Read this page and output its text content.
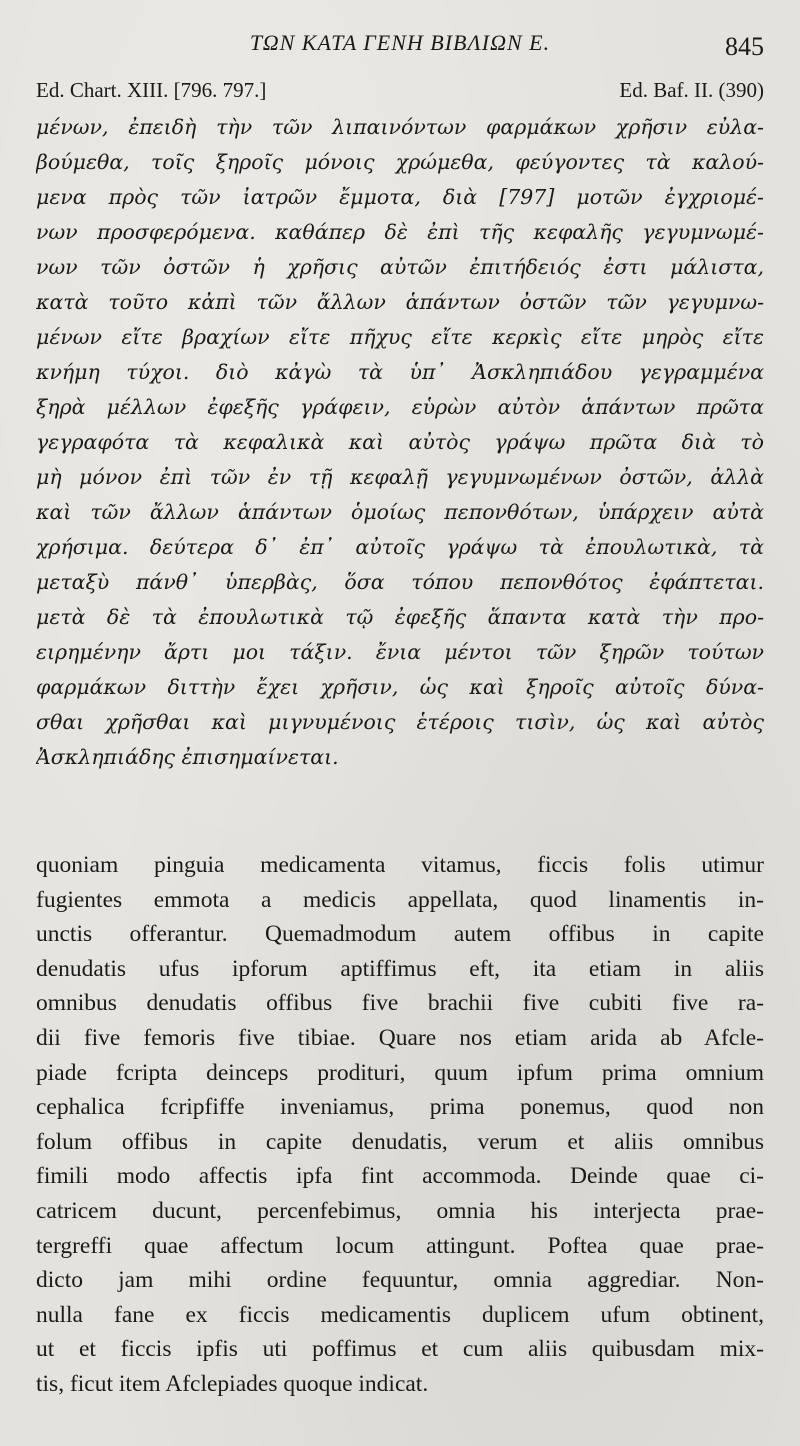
ΤΩΝ ΚΑΤΑ ΓΕΝΗ ΒΙΒΛΙΩΝ Ε.	845
Ed. Chart. XIII. [796. 797.]	Ed. Baf. II. (390)
μένων, ἐπειδὴ τὴν τῶν λιπαινόντων φαρμάκων χρῆσιν εὐλα-
βούμεθα, τοῖς ξηροῖς μόνοις χρώμεθα, φεύγοντες τὰ καλού-
μενα πρὸς τῶν ἰατρῶν ἔμμοτα, διὰ [797] μοτῶν ἐγχριομέ-
νων προσφερόμενα. καθάπερ δὲ ἐπὶ τῆς κεφαλῆς γεγυμνωμέ-
νων τῶν ὀστῶν ἡ χρῆσις αὐτῶν ἐπιτήδειός ἐστι μάλιστα,
κατὰ τοῦτο κἀπὶ τῶν ἄλλων ἁπάντων ὀστῶν τῶν γεγυμνω-
μένων εἴτε βραχίων εἴτε πῆχυς εἴτε κερκὶς εἴτε μηρὸς εἴτε
κνήμη τύχοι. διὸ κἀγὼ τὰ ὑπ᾽ Ἀσκληπιάδου γεγραμμένα
ξηρὰ μέλλων ἐφεξῆς γράφειν, εὑρὼν αὐτὸν ἁπάντων πρῶτα
γεγραφότα τὰ κεφαλικὰ καὶ αὐτὸς γράψω πρῶτα διὰ τὸ
μὴ μόνον ἐπὶ τῶν ἐν τῇ κεφαλῇ γεγυμνωμένων ὀστῶν, ἀλλὰ
καὶ τῶν ἄλλων ἁπάντων ὁμοίως πεπονθότων, ὑπάρχειν αὐτὰ
χρήσιμα. δεύτερα δ᾽ ἐπ᾽ αὐτοῖς γράψω τὰ ἐπουλωτικὰ, τὰ
μεταξὺ πάνθ᾽ ὑπερβὰς, ὅσα τόπου πεπονθότος ἐφάπτεται.
μετὰ δὲ τὰ ἐπουλωτικὰ τῷ ἐφεξῆς ἅπαντα κατὰ τὴν προ-
ειρημένην ἄρτι μοι τάξιν. ἔνια μέντοι τῶν ξηρῶν τούτων
φαρμάκων διττὴν ἔχει χρῆσιν, ὡς καὶ ξηροῖς αὐτοῖς δύνα-
σθαι χρῆσθαι καὶ μιγνυμένοις ἑτέροις τισὶν, ὡς καὶ αὐτὸς
Ἀσκληπιάδης ἐπισημαίνεται.
quoniam pinguia medicamenta vitamus, ficcis folis utimur
fugientes emmota a medicis appellata, quod linamentis in-
unctis offerantur. Quemadmodum autem offibus in capite
denudatis ufus ipforum aptiffimus eft, ita etiam in aliis
omnibus denudatis offibus five brachii five cubiti five ra-
dii five femoris five tibiae. Quare nos etiam arida ab Afcle-
piade fcripta deinceps prodituri, quum ipfum prima omnium
cephalica fcripfiffe inveniamus, prima ponemus, quod non
folum offibus in capite denudatis, verum et aliis omnibus
fimili modo affectis ipfa fint accommoda. Deinde quae ci-
catricem ducunt, percenfebimus, omnia his interjecta prae-
tergreffi quae affectum locum attingunt. Poftea quae prae-
dicto jam mihi ordine fequuntur, omnia aggrediar. Non-
nulla fane ex ficcis medicamentis duplicem ufum obtinent,
ut et ficcis ipfis uti poffimus et cum aliis quibusdam mix-
tis, ficut item Afclepiades quoque indicat.
